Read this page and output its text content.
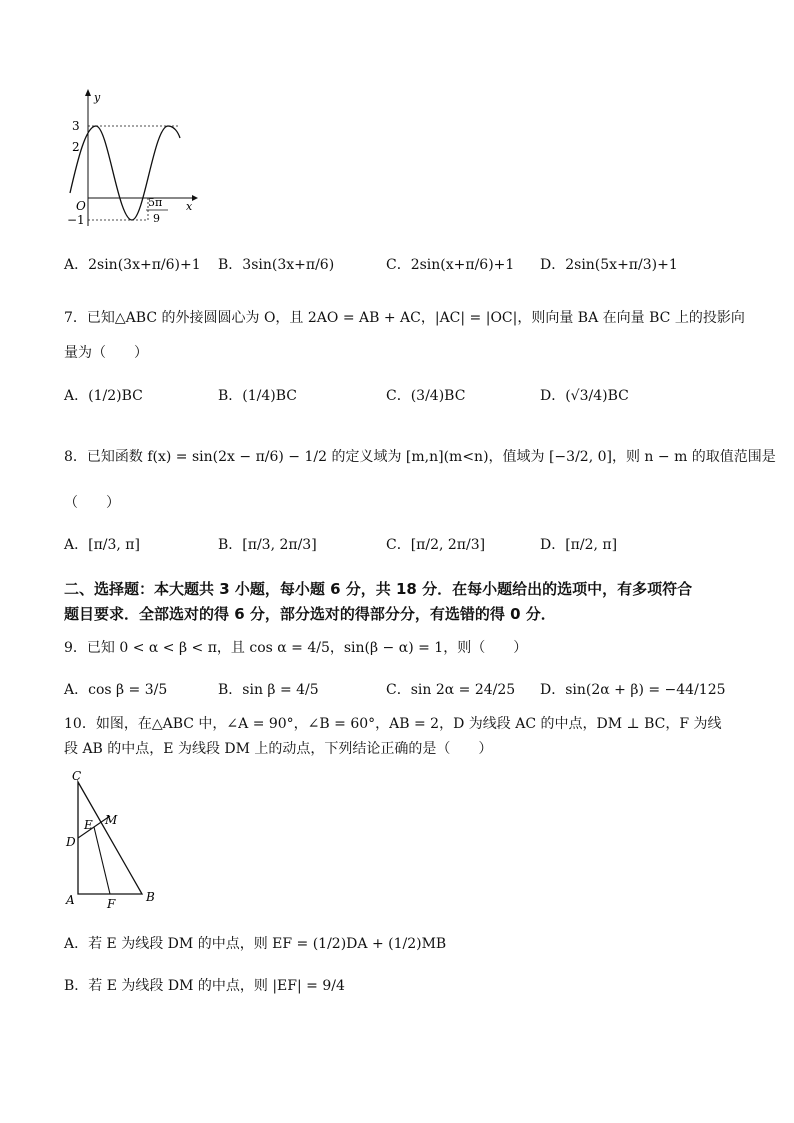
y
x
O
3
2
−1
5π
9
A．2sin(3x+π/6)+1 B．3sin(3x+π/6)	C．2sin(x+π/6)+1 D．2sin(5x+π/3)+1
7．已知△ABC 的外接圆圆心为 O，且 2AO = AB + AC，|AC| = |OC|，则向量 BA 在向量 BC 上的投影向
量为（　　）
A．(1/2)BC	B．(1/4)BC	C．(3/4)BC	D．(√3/4)BC
8．已知函数 f(x) = sin(2x − π/6) − 1/2 的定义域为 [m,n](m<n)，值域为 [−3/2, 0]，则 n − m 的取值范围是
（　　）
A．[π/3, π]	B．[π/3, 2π/3]	C．[π/2, 2π/3]	D．[π/2, π]
二、选择题：本大题共 3 小题，每小题 6 分，共 18 分．在每小题给出的选项中，有多项符合
题目要求．全部选对的得 6 分，部分选对的得部分分，有选错的得 0 分．
9．已知 0 < α < β < π，且 cos α = 4/5，sin(β − α) = 1，则（　　）
A．cos β = 3/5	B．sin β = 4/5	C．sin 2α = 24/25 D．sin(2α + β) = −44/125
10．如图，在△ABC 中，∠A = 90°，∠B = 60°，AB = 2，D 为线段 AC 的中点，DM ⊥ BC，F 为线
段 AB 的中点，E 为线段 DM 上的动点，下列结论正确的是（　　）
C
M
E
D
A	F	B
A．若 E 为线段 DM 的中点，则 EF = (1/2)DA + (1/2)MB
B．若 E 为线段 DM 的中点，则 |EF| = 9/4
